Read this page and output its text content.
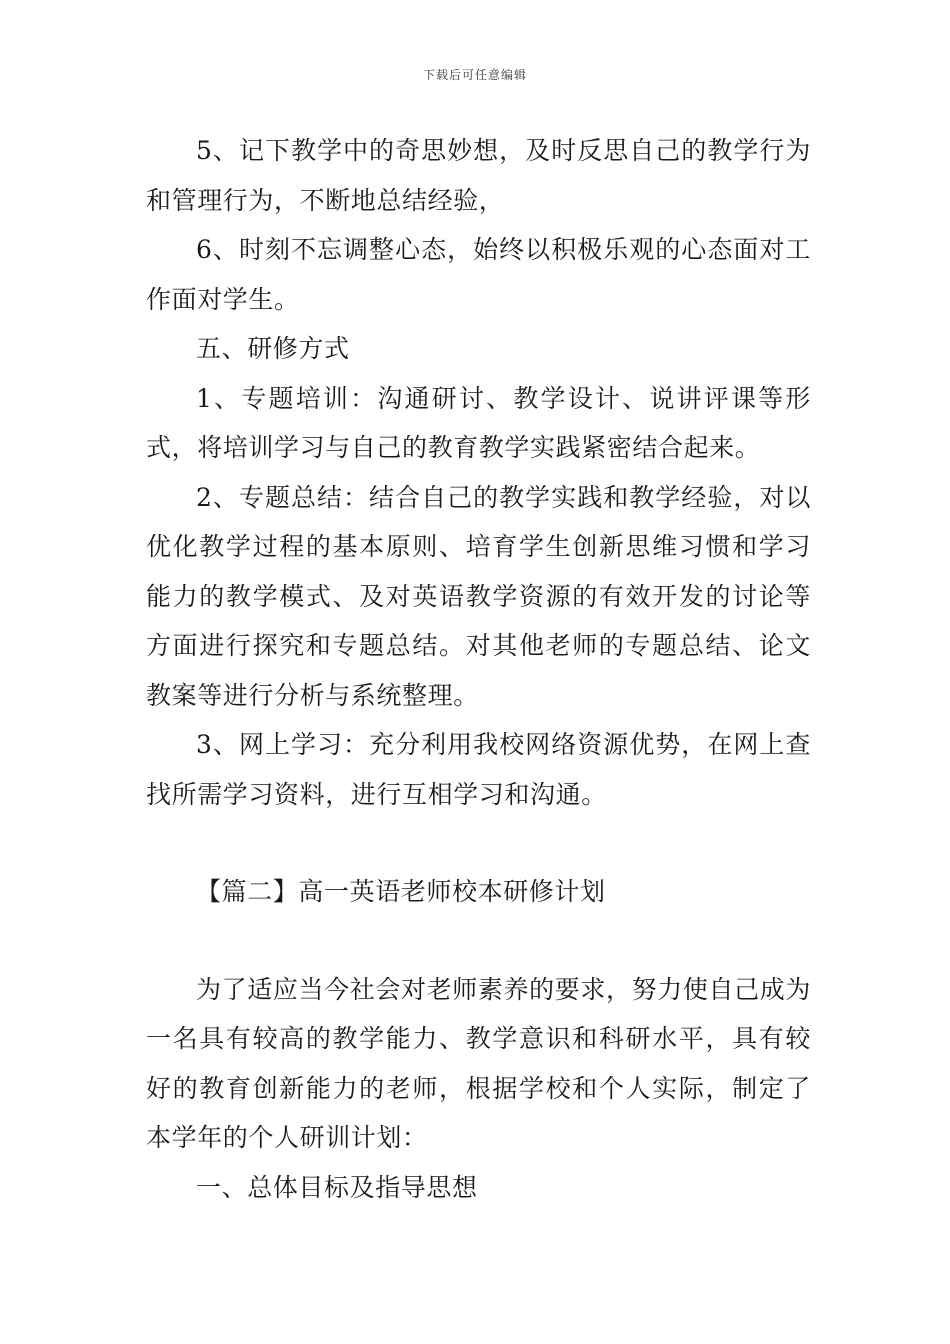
下载后可任意编辑

5、记下教学中的奇思妙想，及时反思自己的教学行为和管理行为，不断地总结经验，

6、时刻不忘调整心态，始终以积极乐观的心态面对工作面对学生。

五、研修方式

1、专题培训：沟通研讨、教学设计、说讲评课等形式，将培训学习与自己的教育教学实践紧密结合起来。

2、专题总结：结合自己的教学实践和教学经验，对以优化教学过程的基本原则、培育学生创新思维习惯和学习能力的教学模式、及对英语教学资源的有效开发的讨论等方面进行探究和专题总结。对其他老师的专题总结、论文教案等进行分析与系统整理。

3、网上学习：充分利用我校网络资源优势，在网上查找所需学习资料，进行互相学习和沟通。

【篇二】高一英语老师校本研修计划

为了适应当今社会对老师素养的要求，努力使自己成为一名具有较高的教学能力、教学意识和科研水平，具有较好的教育创新能力的老师，根据学校和个人实际，制定了本学年的个人研训计划：

一、总体目标及指导思想
